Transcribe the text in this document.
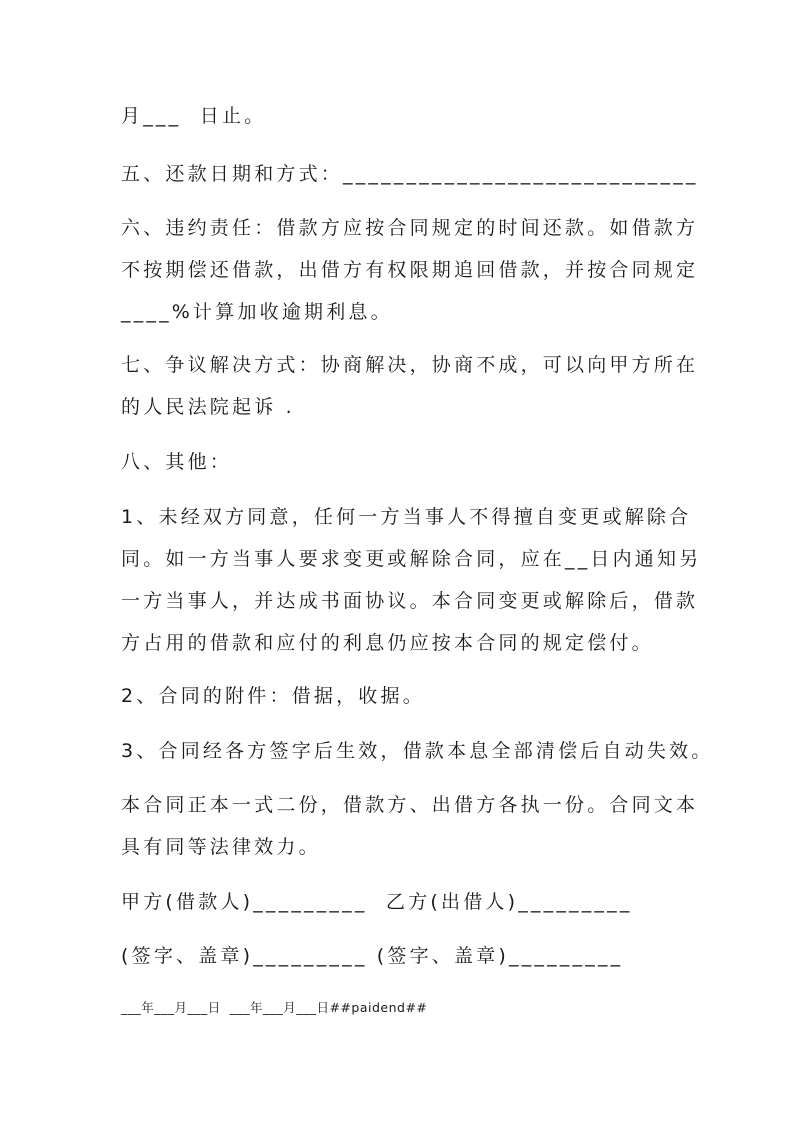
月___  日止。
五、还款日期和方式：____________________________
六、违约责任：借款方应按合同规定的时间还款。如借款方
不按期偿还借款，出借方有权限期追回借款，并按合同规定
____%计算加收逾期利息。
七、争议解决方式：协商解决，协商不成，可以向甲方所在
的人民法院起诉 .
八、其他：
1、未经双方同意，任何一方当事人不得擅自变更或解除合
同。如一方当事人要求变更或解除合同，应在__日内通知另
一方当事人，并达成书面协议。本合同变更或解除后，借款
方占用的借款和应付的利息仍应按本合同的规定偿付。
2、合同的附件：借据，收据。
3、合同经各方签字后生效，借款本息全部清偿后自动失效。
本合同正本一式二份，借款方、出借方各执一份。合同文本
具有同等法律效力。
甲方(借款人)_________  乙方(出借人)_________
(签字、盖章)_________ (签字、盖章)_________
___年___月___日  ___年___月___日##paidend##
